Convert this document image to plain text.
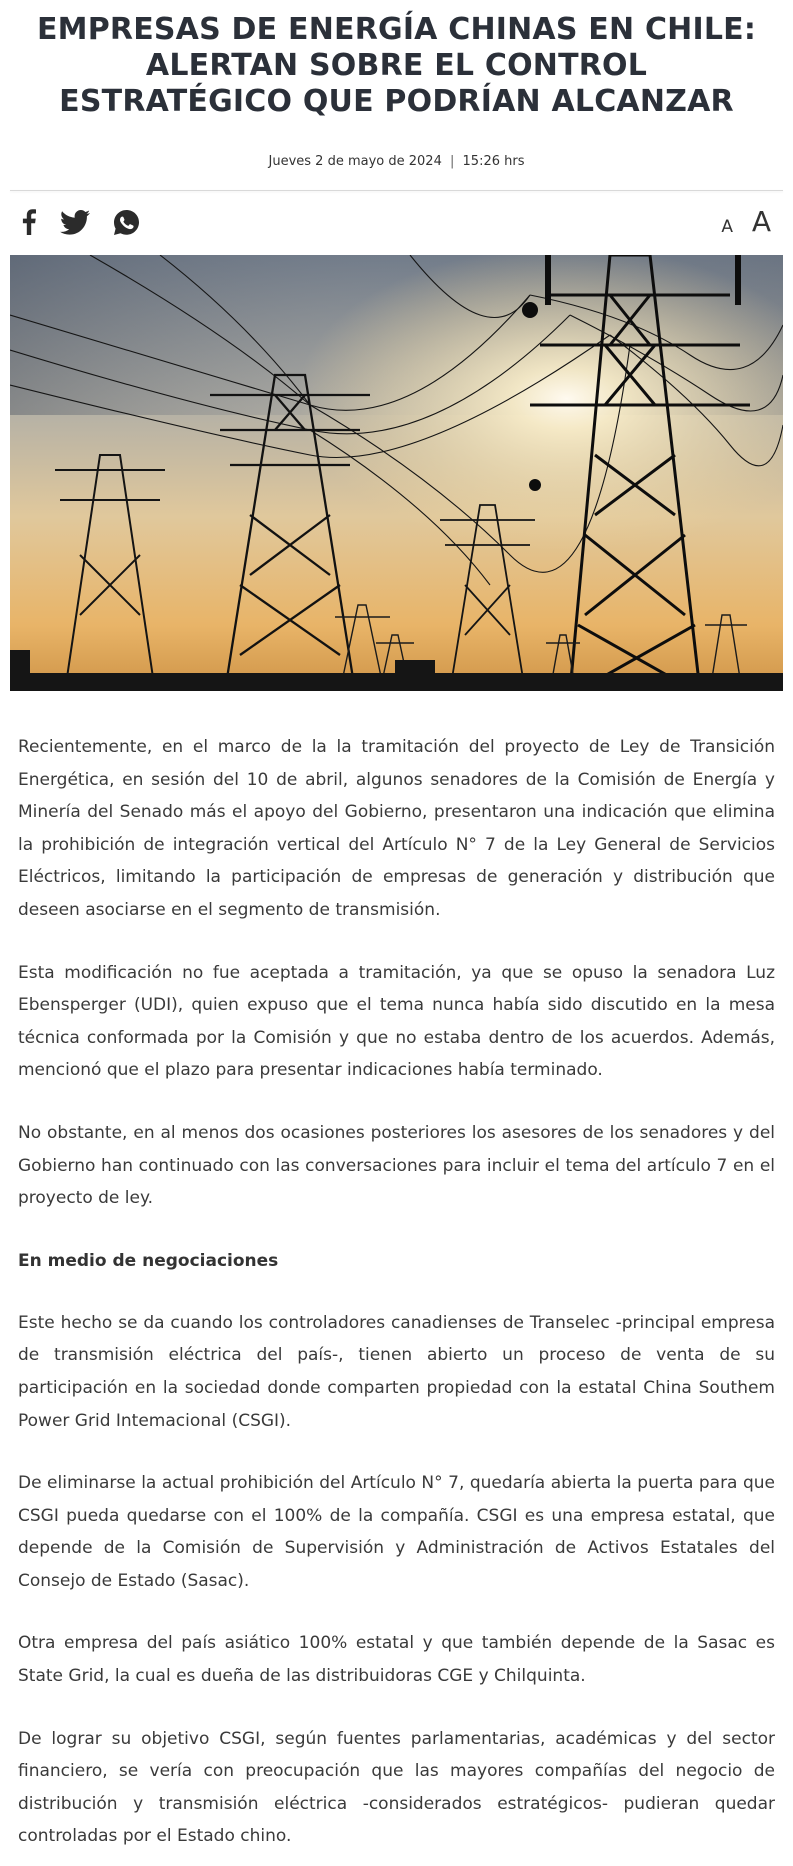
EMPRESAS DE ENERGÍA CHINAS EN CHILE: ALERTAN SOBRE EL CONTROL ESTRATÉGICO QUE PODRÍAN ALCANZAR
Jueves 2 de mayo de 2024 | 15:26 hrs
A A

Recientemente, en el marco de la la tramitación del proyecto de Ley de Transición Energética, en sesión del 10 de abril, algunos senadores de la Comisión de Energía y Minería del Senado más el apoyo del Gobierno, presentaron una indicación que elimina la prohibición de integración vertical del Artículo N° 7 de la Ley General de Servicios Eléctricos, limitando la participación de empresas de generación y distribución que deseen asociarse en el segmento de transmisión.

Esta modificación no fue aceptada a tramitación, ya que se opuso la senadora Luz Ebensperger (UDI), quien expuso que el tema nunca había sido discutido en la mesa técnica conformada por la Comisión y que no estaba dentro de los acuerdos. Además, mencionó que el plazo para presentar indicaciones había terminado.

No obstante, en al menos dos ocasiones posteriores los asesores de los senadores y del Gobierno han continuado con las conversaciones para incluir el tema del artículo 7 en el proyecto de ley.

En medio de negociaciones

Este hecho se da cuando los controladores canadienses de Transelec -principal empresa de transmisión eléctrica del país-, tienen abierto un proceso de venta de su participación en la sociedad donde comparten propiedad con la estatal China Southem Power Grid Intemacional (CSGI).

De eliminarse la actual prohibición del Artículo N° 7, quedaría abierta la puerta para que CSGI pueda quedarse con el 100% de la compañía. CSGI es una empresa estatal, que depende de la Comisión de Supervisión y Administración de Activos Estatales del Consejo de Estado (Sasac).

Otra empresa del país asiático 100% estatal y que también depende de la Sasac es State Grid, la cual es dueña de las distribuidoras CGE y Chilquinta.

De lograr su objetivo CSGI, según fuentes parlamentarias, académicas y del sector financiero, se vería con preocupación que las mayores compañías del negocio de distribución y transmisión eléctrica -considerados estratégicos- pudieran quedar controladas por el Estado chino.
